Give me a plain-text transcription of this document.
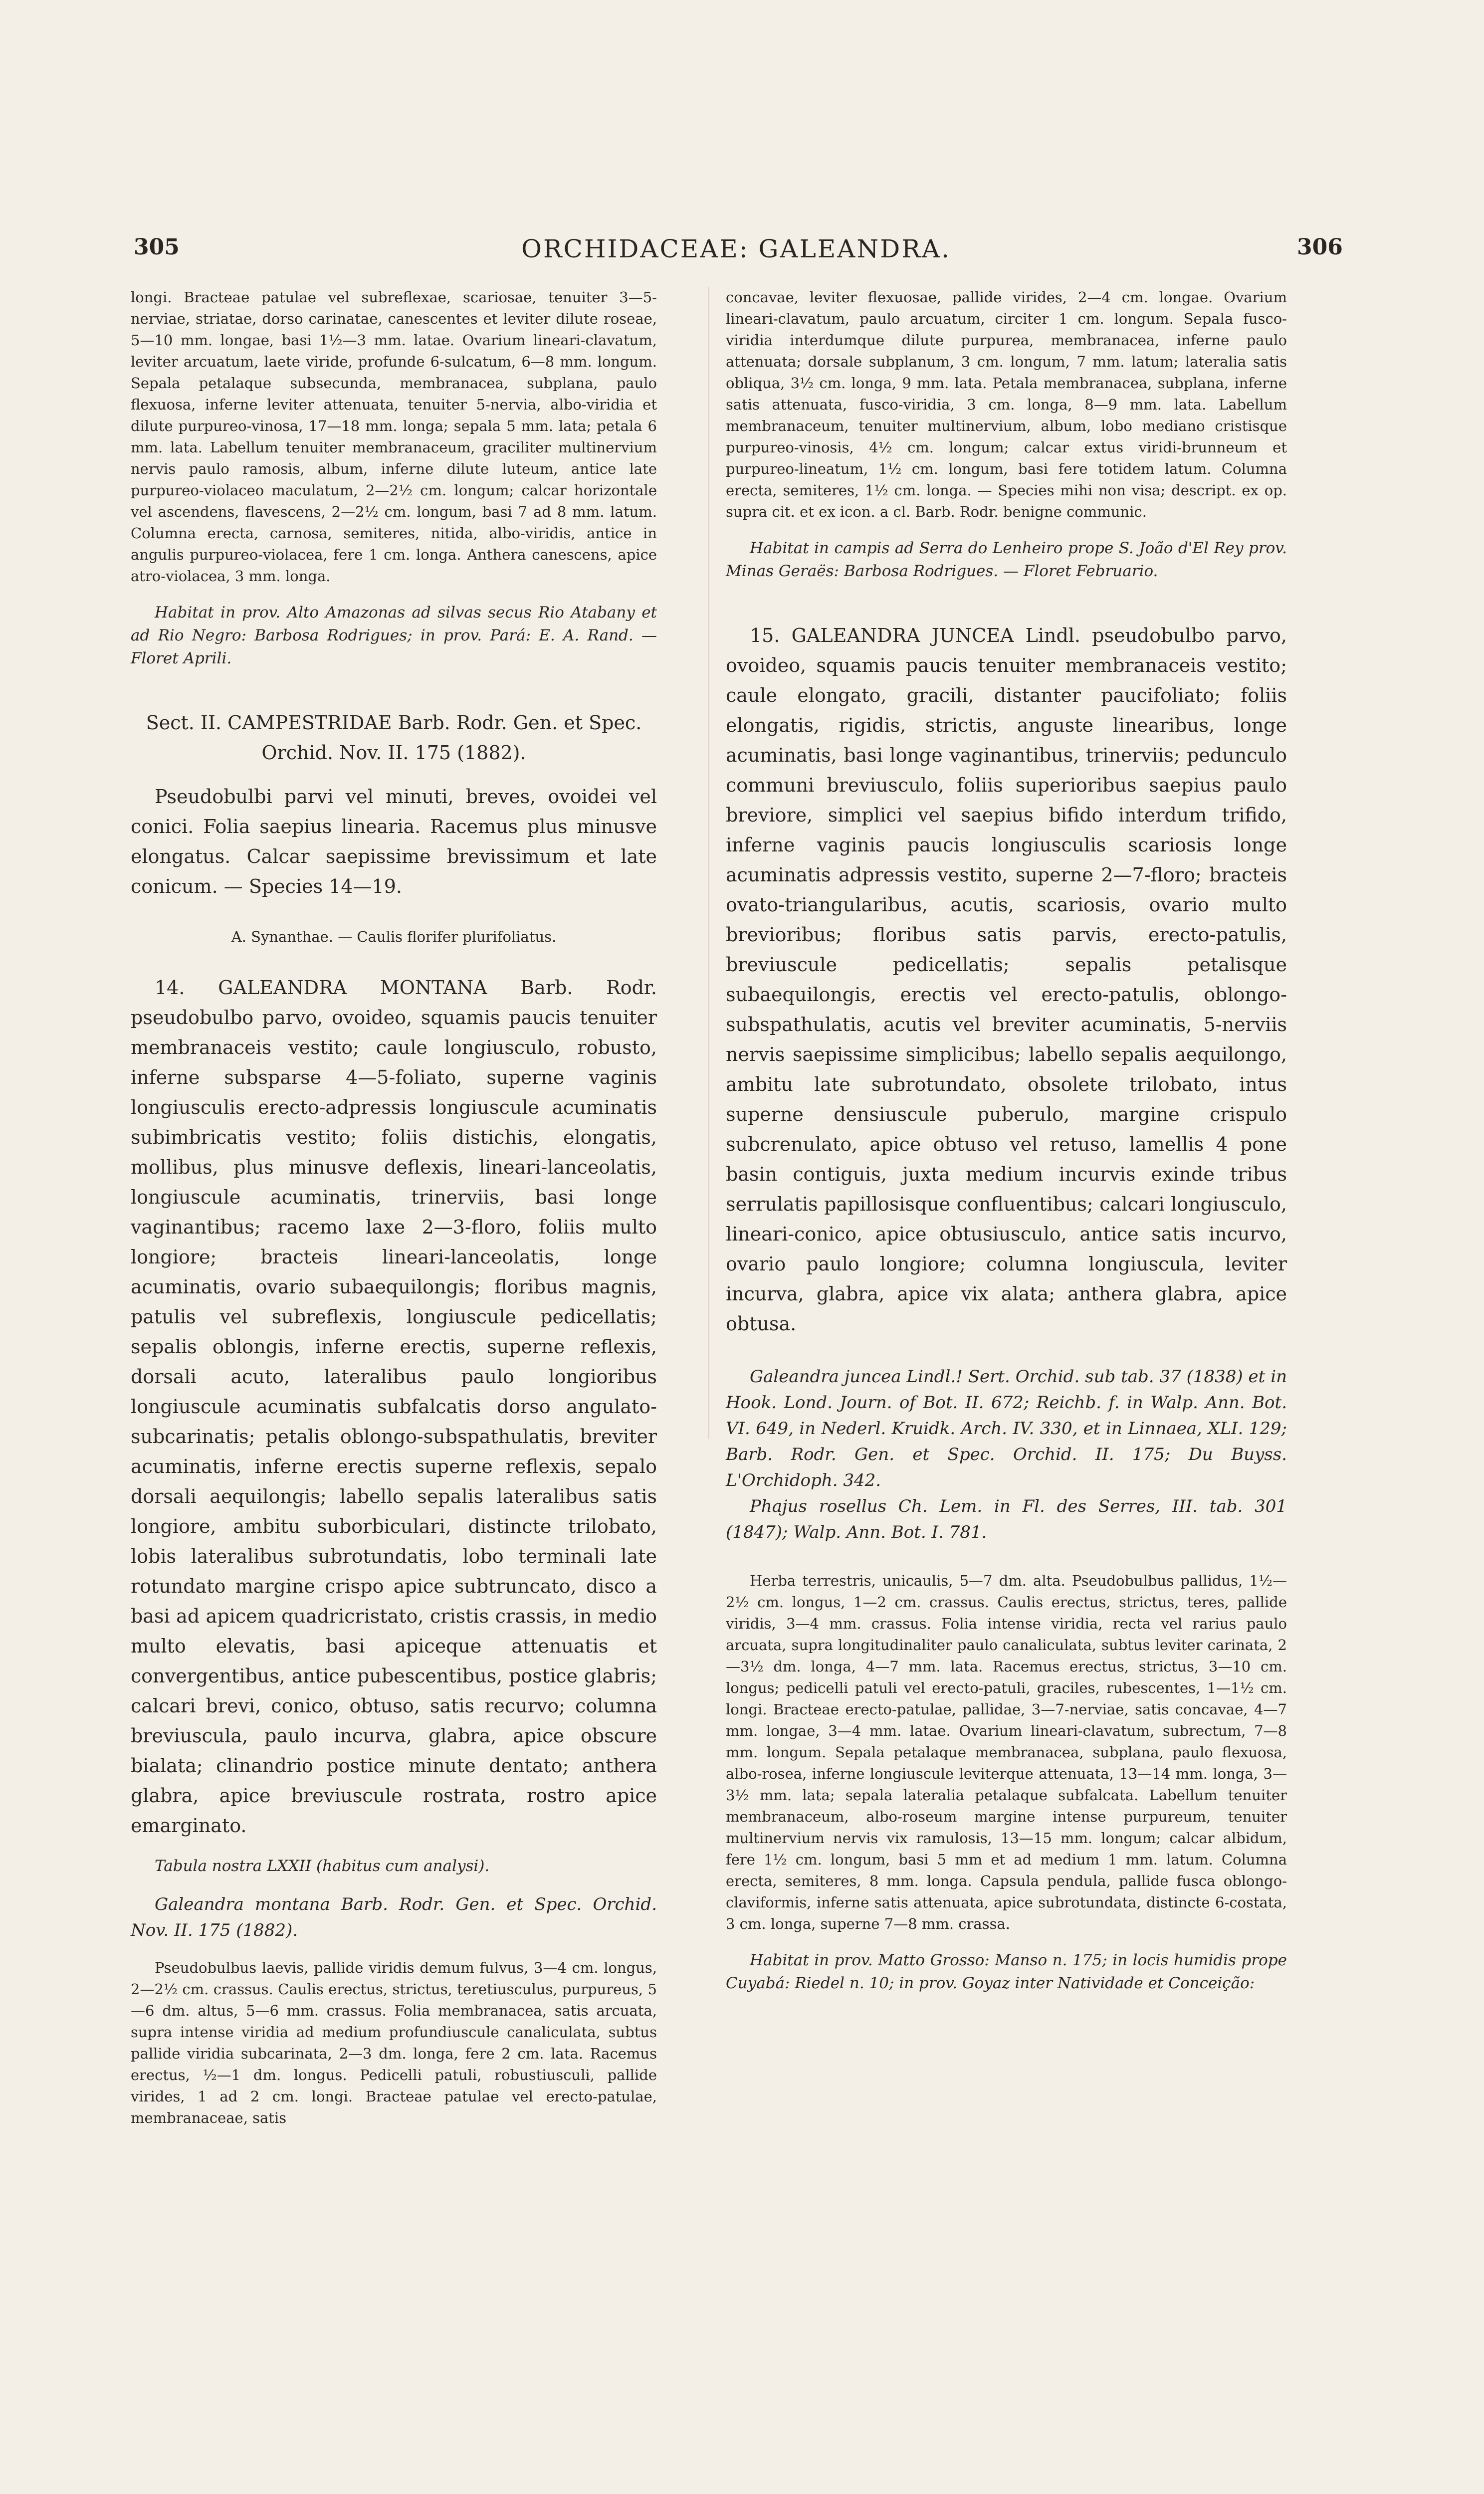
305	ORCHIDACEAE: GALEANDRA.	306

longi. Bracteae patulae vel subreflexae, scariosae, tenuiter 3—5-nerviae, striatae, dorso carinatae, canescentes et leviter dilute roseae, 5—10 mm. longae, basi 1½—3 mm. latae. Ovarium lineari-clavatum, leviter arcuatum, laete viride, profunde 6-sulcatum, 6—8 mm. longum. Sepala petalaque subsecunda, membranacea, subplana, paulo flexuosa, inferne leviter attenuata, tenuiter 5-nervia, albo-viridia et dilute purpureo-vinosa, 17—18 mm. longa; sepala 5 mm. lata; petala 6 mm. lata. Labellum tenuiter membranaceum, graciliter multinervium nervis paulo ramosis, album, inferne dilute luteum, antice late purpureo-violaceo maculatum, 2—2½ cm. longum; calcar horizontale vel ascendens, flavescens, 2—2½ cm. longum, basi 7 ad 8 mm. latum. Columna erecta, carnosa, semiteres, nitida, albo-viridis, antice in angulis purpureo-violacea, fere 1 cm. longa. Anthera canescens, apice atro-violacea, 3 mm. longa.

Habitat in prov. Alto Amazonas ad silvas secus Rio Atabany et ad Rio Negro: Barbosa Rodrigues; in prov. Pará: E. A. Rand. — Floret Aprili.

Sect. II. CAMPESTRIDAE Barb. Rodr. Gen. et Spec. Orchid. Nov. II. 175 (1882).

Pseudobulbi parvi vel minuti, breves, ovoidei vel conici. Folia saepius linearia. Racemus plus minusve elongatus. Calcar saepissime brevissimum et late conicum. — Species 14—19.

A. Synanthae. — Caulis florifer plurifoliatus.

14. GALEANDRA MONTANA Barb. Rodr. pseudobulbo parvo, ovoideo, squamis paucis tenuiter membranaceis vestito; caule longiusculo, robusto, inferne subsparse 4—5-foliato, superne vaginis longiusculis erecto-adpressis longiuscule acuminatis subimbricatis vestito; foliis distichis, elongatis, mollibus, plus minusve deflexis, lineari-lanceolatis, longiuscule acuminatis, trinerviis, basi longe vaginantibus; racemo laxe 2—3-floro, foliis multo longiore; bracteis lineari-lanceolatis, longe acuminatis, ovario subaequilongis; floribus magnis, patulis vel subreflexis, longiuscule pedicellatis; sepalis oblongis, inferne erectis, superne reflexis, dorsali acuto, lateralibus paulo longioribus longiuscule acuminatis subfalcatis dorso angulato-subcarinatis; petalis oblongo-subspathulatis, breviter acuminatis, inferne erectis superne reflexis, sepalo dorsali aequilongis; labello sepalis lateralibus satis longiore, ambitu suborbiculari, distincte trilobato, lobis lateralibus subrotundatis, lobo terminali late rotundato margine crispo apice subtruncato, disco a basi ad apicem quadricristato, cristis crassis, in medio multo elevatis, basi apiceque attenuatis et convergentibus, antice pubescentibus, postice glabris; calcari brevi, conico, obtuso, satis recurvo; columna breviuscula, paulo incurva, glabra, apice obscure bialata; clinandrio postice minute dentato; anthera glabra, apice breviuscule rostrata, rostro apice emarginato.

Tabula nostra LXXII (habitus cum analysi).

Galeandra montana Barb. Rodr. Gen. et Spec. Orchid. Nov. II. 175 (1882).

Pseudobulbus laevis, pallide viridis demum fulvus, 3—4 cm. longus, 2—2½ cm. crassus. Caulis erectus, strictus, teretiusculus, purpureus, 5—6 dm. altus, 5—6 mm. crassus. Folia membranacea, satis arcuata, supra intense viridia ad medium profundiuscule canaliculata, subtus pallide viridia subcarinata, 2—3 dm. longa, fere 2 cm. lata. Racemus erectus, ½—1 dm. longus. Pedicelli patuli, robustiusculi, pallide virides, 1 ad 2 cm. longi. Bracteae patulae vel erecto-patulae, membranaceae, satis

concavae, leviter flexuosae, pallide virides, 2—4 cm. longae. Ovarium lineari-clavatum, paulo arcuatum, circiter 1 cm. longum. Sepala fusco-viridia interdumque dilute purpurea, membranacea, inferne paulo attenuata; dorsale subplanum, 3 cm. longum, 7 mm. latum; lateralia satis obliqua, 3½ cm. longa, 9 mm. lata. Petala membranacea, subplana, inferne satis attenuata, fusco-viridia, 3 cm. longa, 8—9 mm. lata. Labellum membranaceum, tenuiter multinervium, album, lobo mediano cristisque purpureo-vinosis, 4½ cm. longum; calcar extus viridi-brunneum et purpureo-lineatum, 1½ cm. longum, basi fere totidem latum. Columna erecta, semiteres, 1½ cm. longa. — Species mihi non visa; descript. ex op. supra cit. et ex icon. a cl. Barb. Rodr. benigne communic.

Habitat in campis ad Serra do Lenheiro prope S. João d'El Rey prov. Minas Geraës: Barbosa Rodrigues. — Floret Februario.

15. GALEANDRA JUNCEA Lindl. pseudobulbo parvo, ovoideo, squamis paucis tenuiter membranaceis vestito; caule elongato, gracili, distanter paucifoliato; foliis elongatis, rigidis, strictis, anguste linearibus, longe acuminatis, basi longe vaginantibus, trinerviis; pedunculo communi breviusculo, foliis superioribus saepius paulo breviore, simplici vel saepius bifido interdum trifido, inferne vaginis paucis longiusculis scariosis longe acuminatis adpressis vestito, superne 2—7-floro; bracteis ovato-triangularibus, acutis, scariosis, ovario multo brevioribus; floribus satis parvis, erecto-patulis, breviuscule pedicellatis; sepalis petalisque subaequilongis, erectis vel erecto-patulis, oblongo-subspathulatis, acutis vel breviter acuminatis, 5-nerviis nervis saepissime simplicibus; labello sepalis aequilongo, ambitu late subrotundato, obsolete trilobato, intus superne densiuscule puberulo, margine crispulo subcrenulato, apice obtuso vel retuso, lamellis 4 pone basin contiguis, juxta medium incurvis exinde tribus serrulatis papillosisque confluentibus; calcari longiusculo, lineari-conico, apice obtusiusculo, antice satis incurvo, ovario paulo longiore; columna longiuscula, leviter incurva, glabra, apice vix alata; anthera glabra, apice obtusa.

Galeandra juncea Lindl.! Sert. Orchid. sub tab. 37 (1838) et in Hook. Lond. Journ. of Bot. II. 672; Reichb. f. in Walp. Ann. Bot. VI. 649, in Nederl. Kruidk. Arch. IV. 330, et in Linnaea, XLI. 129; Barb. Rodr. Gen. et Spec. Orchid. II. 175; Du Buyss. L'Orchidoph. 342.

Phajus rosellus Ch. Lem. in Fl. des Serres, III. tab. 301 (1847); Walp. Ann. Bot. I. 781.

Herba terrestris, unicaulis, 5—7 dm. alta. Pseudobulbus pallidus, 1½—2½ cm. longus, 1—2 cm. crassus. Caulis erectus, strictus, teres, pallide viridis, 3—4 mm. crassus. Folia intense viridia, recta vel rarius paulo arcuata, supra longitudinaliter paulo canaliculata, subtus leviter carinata, 2—3½ dm. longa, 4—7 mm. lata. Racemus erectus, strictus, 3—10 cm. longus; pedicelli patuli vel erecto-patuli, graciles, rubescentes, 1—1½ cm. longi. Bracteae erecto-patulae, pallidae, 3—7-nerviae, satis concavae, 4—7 mm. longae, 3—4 mm. latae. Ovarium lineari-clavatum, subrectum, 7—8 mm. longum. Sepala petalaque membranacea, subplana, paulo flexuosa, albo-rosea, inferne longiuscule leviterque attenuata, 13—14 mm. longa, 3—3½ mm. lata; sepala lateralia petalaque subfalcata. Labellum tenuiter membranaceum, albo-roseum margine intense purpureum, tenuiter multinervium nervis vix ramulosis, 13—15 mm. longum; calcar albidum, fere 1½ cm. longum, basi 5 mm et ad medium 1 mm. latum. Columna erecta, semiteres, 8 mm. longa. Capsula pendula, pallide fusca oblongo-claviformis, inferne satis attenuata, apice subrotundata, distincte 6-costata, 3 cm. longa, superne 7—8 mm. crassa.

Habitat in prov. Matto Grosso: Manso n. 175; in locis humidis prope Cuyabá: Riedel n. 10; in prov. Goyaz inter Natividade et Conceição:
